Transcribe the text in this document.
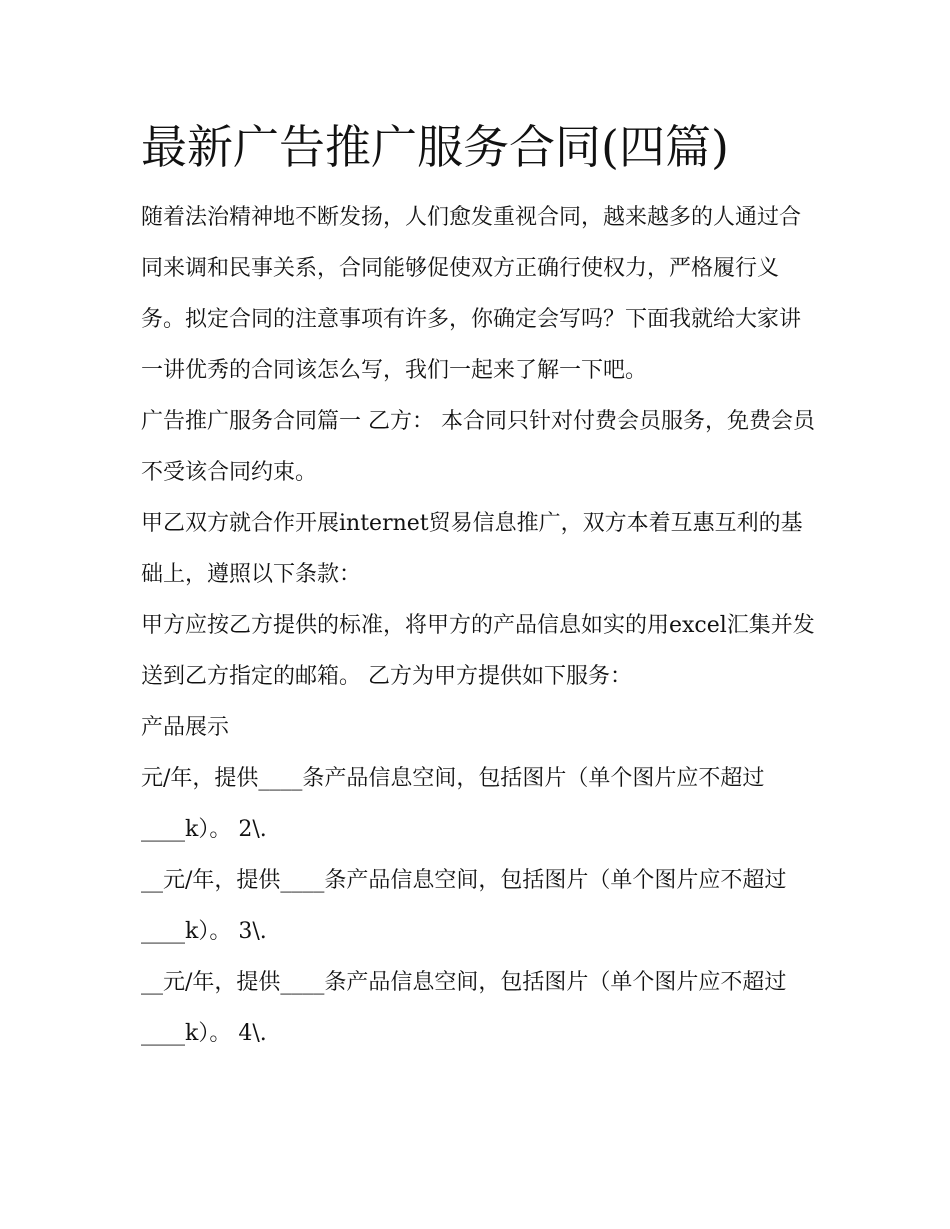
最新广告推广服务合同(四篇)

随着法治精神地不断发扬，人们愈发重视合同，越来越多的人通过合同来调和民事关系，合同能够促使双方正确行使权力，严格履行义务。拟定合同的注意事项有许多，你确定会写吗？下面我就给大家讲一讲优秀的合同该怎么写，我们一起来了解一下吧。

广告推广服务合同篇一 乙方： 本合同只针对付费会员服务，免费会员不受该合同约束。

甲乙双方就合作开展internet贸易信息推广，双方本着互惠互利的基础上，遵照以下条款：

甲方应按乙方提供的标准，将甲方的产品信息如实的用excel汇集并发送到乙方指定的邮箱。 乙方为甲方提供如下服务：

产品展示

元/年，提供____条产品信息空间，包括图片（单个图片应不超过____k）。 2\.

__元/年，提供____条产品信息空间，包括图片（单个图片应不超过____k）。 3\.

__元/年，提供____条产品信息空间，包括图片（单个图片应不超过____k）。 4\.
